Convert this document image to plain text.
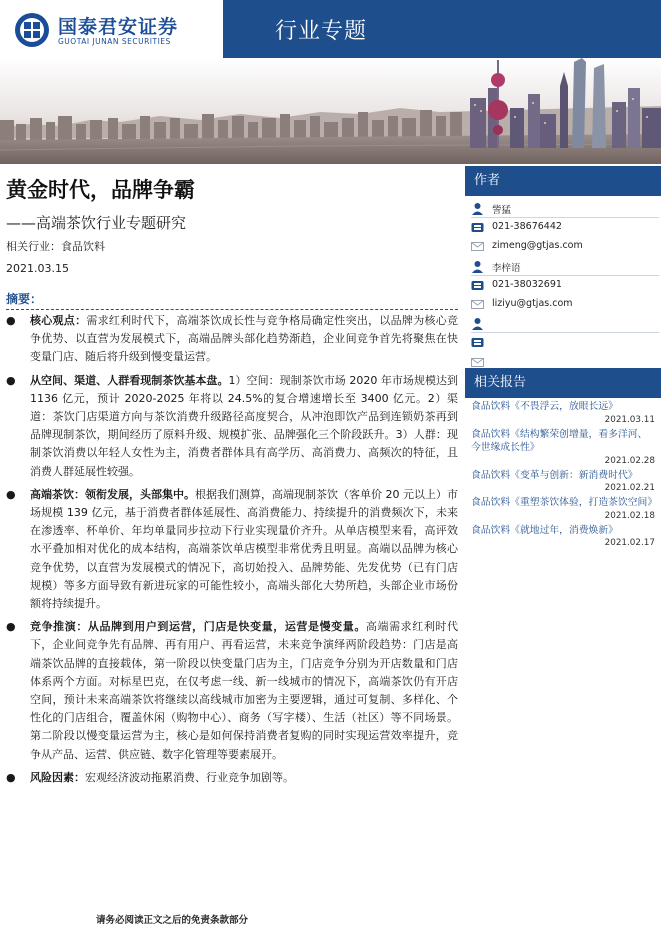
国泰君安证券
GUOTAI JUNAN SECURITIES	行业专题
黄金时代，品牌争霸
——高端茶饮行业专题研究
相关行业：食品饮料
2021.03.15
摘要：
● 核心观点：需求红利时代下，高端茶饮成长性与竞争格局确定性突出，以品牌为核心竞争优势、以直营为发展模式下，高端品牌头部化趋势渐趋，企业间竞争首先将聚焦在快变量门店、随后将升级到慢变量运营。
● 从空间、渠道、人群看现制茶饮基本盘。1）空间：现制茶饮市场 2020 年市场规模达到 1136 亿元，预计 2020-2025 年将以 24.5%的复合增速增长至 3400 亿元。2）渠道：茶饮门店渠道方向与茶饮消费升级路径高度契合，从冲泡即饮产品到连锁奶茶再到品牌现制茶饮，期间经历了原料升级、规模扩张、品牌强化三个阶段跃升。3）人群：现制茶饮消费以年轻人女性为主，消费者群体具有高学历、高消费力、高频次的特征，且消费人群延展性较强。
● 高端茶饮：领衔发展，头部集中。根据我们测算，高端现制茶饮（客单价 20 元以上）市场规模 139 亿元，基于消费者群体延展性、高消费能力、持续提升的消费频次下，未来在渗透率、杯单价、年均单量同步拉动下行业实现量价齐升。从单店模型来看，高评效水平叠加相对优化的成本结构，高端茶饮单店模型非常优秀且明显。高端以品牌为核心竞争优势，以直营为发展模式的情况下，高切始投入、品牌势能、先发优势（已有门店规模）等多方面导致有新进玩家的可能性较小，高端头部化大势所趋，头部企业市场份额将持续提升。
● 竞争推演：从品牌到用户到运营，门店是快变量，运营是慢变量。高端需求红利时代下，企业间竞争先有品牌、再有用户、再看运营，未来竞争演绎两阶段趋势：门店是高端茶饮品牌的直接载体，第一阶段以快变量门店为主，门店竞争分别为开店数量和门店体系两个方面。对标星巴克，在仅考虑一线、新一线城市的情况下，高端茶饮仍有开店空间，预计未来高端茶饮将继续以高线城市加密为主要逻辑，通过可复制、多样化、个性化的门店组合，覆盖休闲（购物中心）、商务（写字楼）、生活（社区）等不同场景。第二阶段以慢变量运营为主，核心是如何保持消费者复购的同时实现运营效率提升，竞争从产品、运营、供应链、数字化管理等要素展开。
● 风险因素：宏观经济波动拖累消费、行业竞争加剧等。
请务必阅读正文之后的免责条款部分
作者
訾猛
021-38676442
zimeng@gtjas.com
李梓语
021-38032691
liziyu@gtjas.com
相关报告
食品饮料《不畏浮云，放眼长远》
2021.03.11
食品饮料《结构繁荣创增量，看多洋河、今世缘成长性》
2021.02.28
食品饮料《变革与创新：新消费时代》
2021.02.21
食品饮料《重塑茶饮体验，打造茶饮空间》
2021.02.18
食品饮料《就地过年，消费焕新》
2021.02.17
